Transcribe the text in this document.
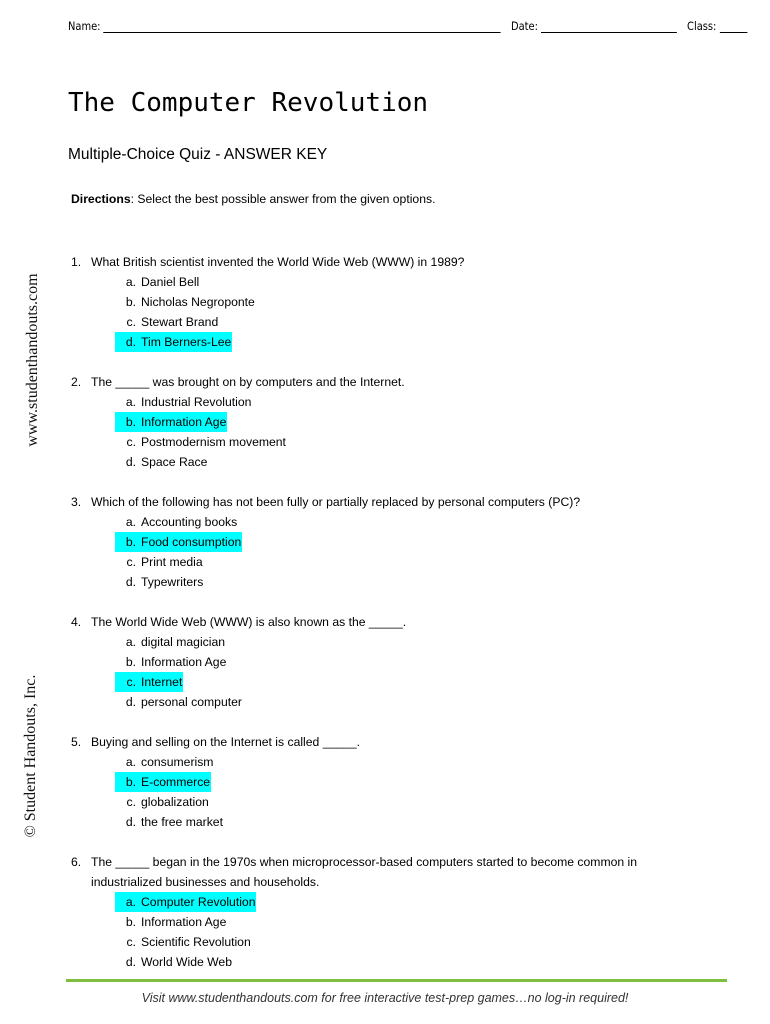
Name:	Date:	Class:
The Computer Revolution
Multiple-Choice Quiz - ANSWER KEY
Directions: Select the best possible answer from the given options.
www.studenthandouts.com
© Student Handouts, Inc.
1. What British scientist invented the World Wide Web (WWW) in 1989?
a. Daniel Bell
b. Nicholas Negroponte
c. Stewart Brand
d. Tim Berners-Lee
2. The _____ was brought on by computers and the Internet.
a. Industrial Revolution
b. Information Age
c. Postmodernism movement
d. Space Race
3. Which of the following has not been fully or partially replaced by personal computers (PC)?
a. Accounting books
b. Food consumption
c. Print media
d. Typewriters
4. The World Wide Web (WWW) is also known as the _____.
a. digital magician
b. Information Age
c. Internet
d. personal computer
5. Buying and selling on the Internet is called _____.
a. consumerism
b. E-commerce
c. globalization
d. the free market
6. The _____ began in the 1970s when microprocessor-based computers started to become common in industrialized businesses and households.
a. Computer Revolution
b. Information Age
c. Scientific Revolution
d. World Wide Web
Visit www.studenthandouts.com for free interactive test-prep games…no log-in required!
